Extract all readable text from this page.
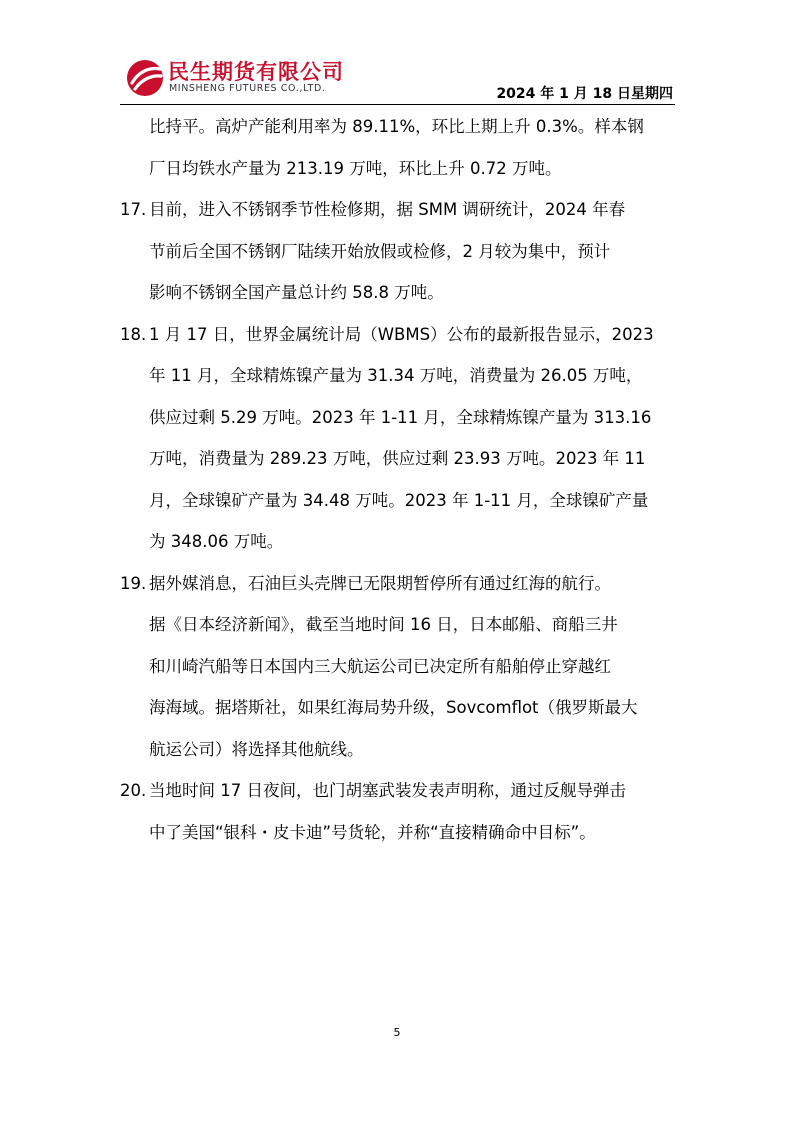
民生期货有限公司
MINSHENG FUTURES CO.,LTD.	2024 年 1 月 18 日星期四
比持平。高炉产能利用率为 89.11%，环比上期上升 0.3%。样本钢
厂日均铁水产量为 213.19 万吨，环比上升 0.72 万吨。
17. 目前，进入不锈钢季节性检修期，据 SMM 调研统计，2024 年春
节前后全国不锈钢厂陆续开始放假或检修，2 月较为集中，预计
影响不锈钢全国产量总计约 58.8 万吨。
18. 1 月 17 日，世界金属统计局（WBMS）公布的最新报告显示，2023
年 11 月，全球精炼镍产量为 31.34 万吨，消费量为 26.05 万吨，
供应过剩 5.29 万吨。2023 年 1-11 月，全球精炼镍产量为 313.16
万吨，消费量为 289.23 万吨，供应过剩 23.93 万吨。2023 年 11
月，全球镍矿产量为 34.48 万吨。2023 年 1-11 月，全球镍矿产量
为 348.06 万吨。
19. 据外媒消息，石油巨头壳牌已无限期暂停所有通过红海的航行。
据《日本经济新闻》，截至当地时间 16 日，日本邮船、商船三井
和川崎汽船等日本国内三大航运公司已决定所有船舶停止穿越红
海海域。据塔斯社，如果红海局势升级，Sovcomflot（俄罗斯最大
航运公司）将选择其他航线。
20. 当地时间 17 日夜间，也门胡塞武装发表声明称，通过反舰导弹击
中了美国“银科・皮卡迪”号货轮，并称“直接精确命中目标”。
5
